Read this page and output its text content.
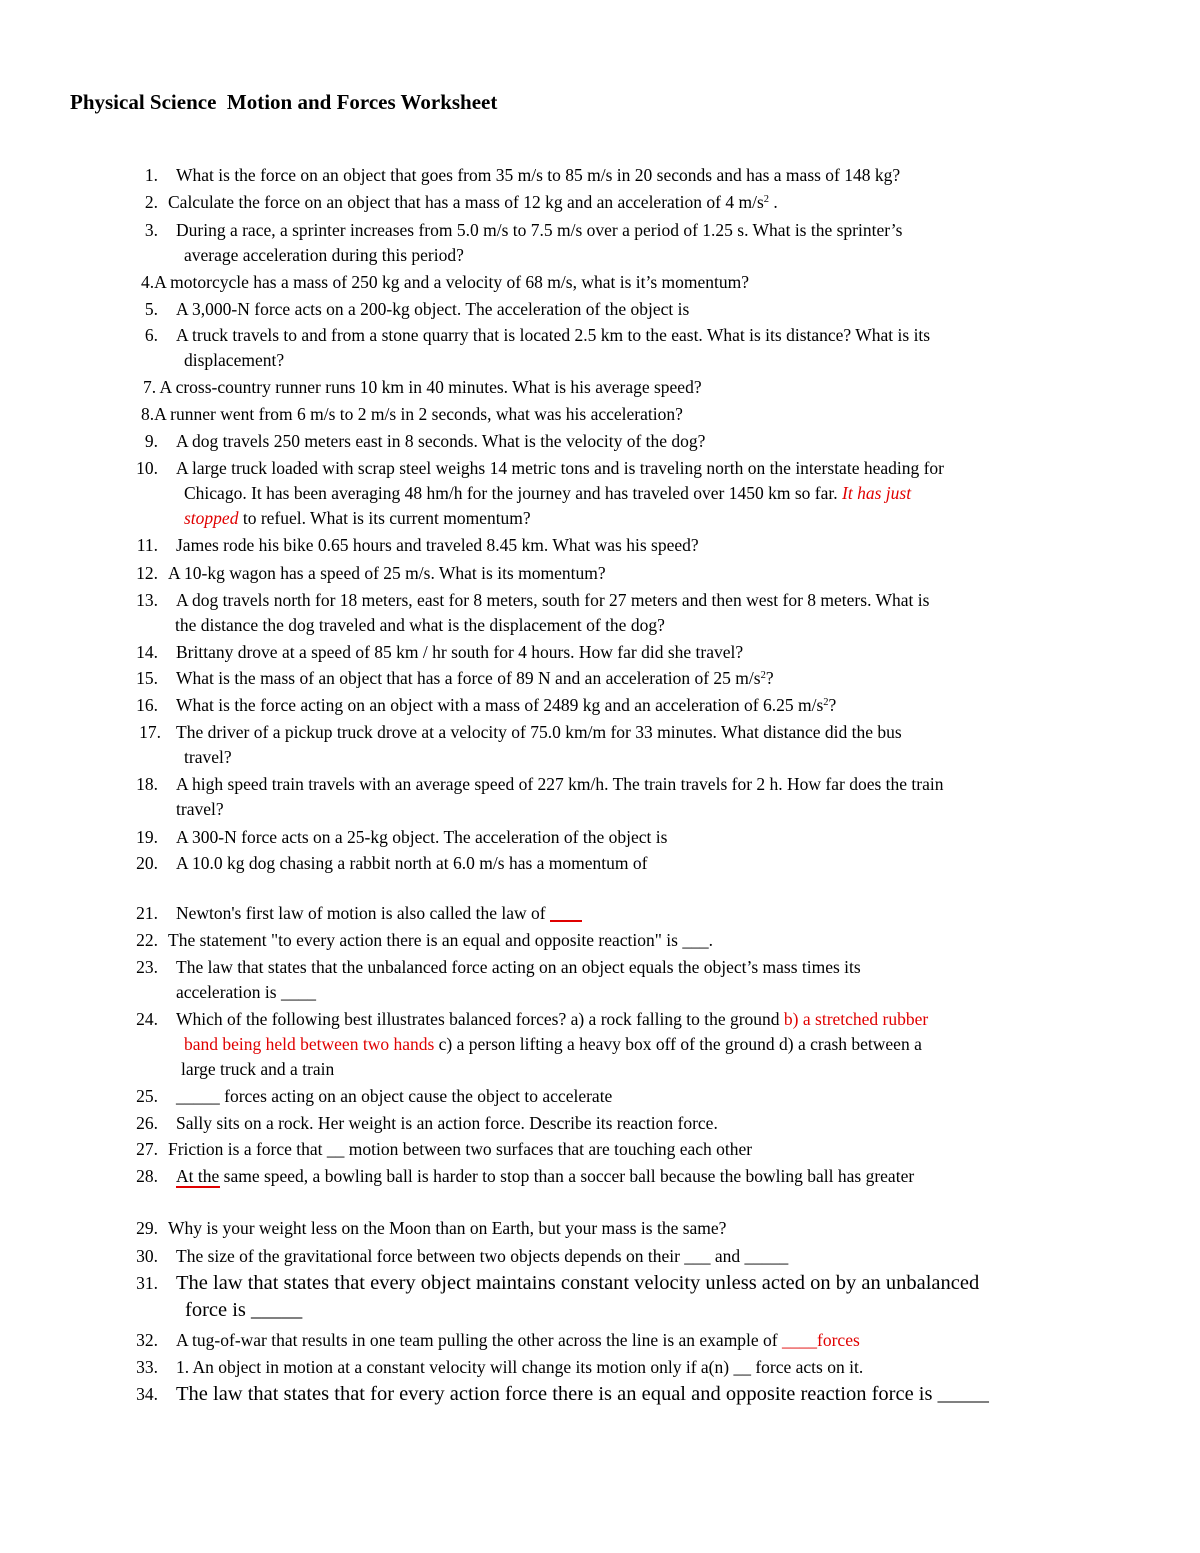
Physical Science  Motion and Forces Worksheet
1. What is the force on an object that goes from 35 m/s to 85 m/s in 20 seconds and has a mass of 148 kg?
2. Calculate the force on an object that has a mass of 12 kg and an acceleration of 4 $m/s^2$ .
3. During a race, a sprinter increases from 5.0 m/s to 7.5 m/s over a period of 1.25 s. What is the sprinter’s
average acceleration during this period?
4.A motorcycle has a mass of 250 kg and a velocity of 68 m/s, what is it’s momentum?
5. A 3,000-N force acts on a 200-kg object. The acceleration of the object is
6. A truck travels to and from a stone quarry that is located 2.5 km to the east. What is its distance? What is its
displacement?
7. A cross-country runner runs 10 km in 40 minutes. What is his average speed?
8.A runner went from 6 m/s to 2 m/s in 2 seconds, what was his acceleration?
9. A dog travels 250 meters east in 8 seconds. What is the velocity of the dog?
10. A large truck loaded with scrap steel weighs 14 metric tons and is traveling north on the interstate heading for
Chicago. It has been averaging 48 hm/h for the journey and has traveled over 1450 km so far. It has just
stopped to refuel. What is its current momentum?
11. James rode his bike 0.65 hours and traveled 8.45 km. What was his speed?
12. A 10-kg wagon has a speed of 25 m/s. What is its momentum?
13. A dog travels north for 18 meters, east for 8 meters, south for 27 meters and then west for 8 meters. What is
the distance the dog traveled and what is the displacement of the dog?
14. Brittany drove at a speed of 85 km / hr south for 4 hours. How far did she travel?
15. What is the mass of an object that has a force of 89 N and an acceleration of 25 $m/s^2$?
16. What is the force acting on an object with a mass of 2489 kg and an acceleration of 6.25 $m/s^2$?
17. The driver of a pickup truck drove at a velocity of 75.0 km/m for 33 minutes. What distance did the bus
travel?
18. A high speed train travels with an average speed of 227 km/h. The train travels for 2 h. How far does the train
travel?
19. A 300-N force acts on a 25-kg object. The acceleration of the object is
20. A 10.0 kg dog chasing a rabbit north at 6.0 m/s has a momentum of
21. Newton's first law of motion is also called the law of
22. The statement "to every action there is an equal and opposite reaction" is ___.
23. The law that states that the unbalanced force acting on an object equals the object’s mass times its
acceleration is ____
24. Which of the following best illustrates balanced forces? a) a rock falling to the ground b) a stretched rubber
band being held between two hands c) a person lifting a heavy box off of the ground d) a crash between a
large truck and a train
25. _____ forces acting on an object cause the object to accelerate
26. Sally sits on a rock. Her weight is an action force. Describe its reaction force.
27. Friction is a force that __ motion between two surfaces that are touching each other
28. At the same speed, a bowling ball is harder to stop than a soccer ball because the bowling ball has greater
29. Why is your weight less on the Moon than on Earth, but your mass is the same?
30. The size of the gravitational force between two objects depends on their ___ and _____
31. The law that states that every object maintains constant velocity unless acted on by an unbalanced
force is _____
32. A tug-of-war that results in one team pulling the other across the line is an example of ____forces
33. 1. An object in motion at a constant velocity will change its motion only if a(n) __ force acts on it.
34. The law that states that for every action force there is an equal and opposite reaction force is _____
